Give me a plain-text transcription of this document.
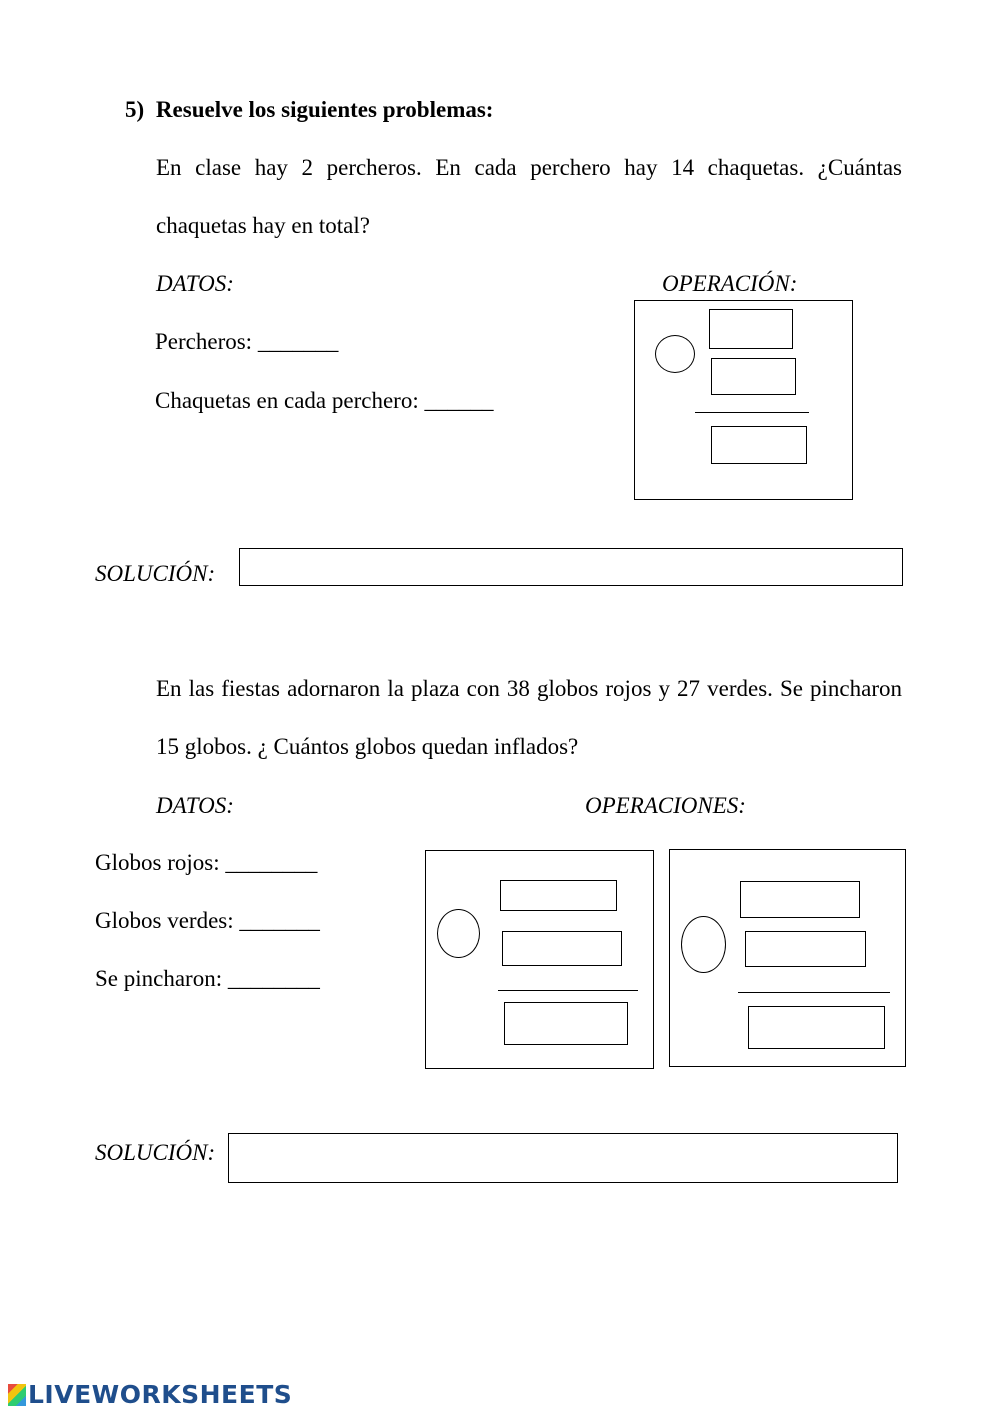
5) Resuelve los siguientes problemas:
En clase hay 2 percheros. En cada perchero hay 14 chaquetas. ¿Cuántas chaquetas hay en total?
DATOS:	OPERACIÓN:
Percheros: _______
Chaquetas en cada perchero: ______
SOLUCIÓN:
En las fiestas adornaron la plaza con 38 globos rojos y 27 verdes. Se pincharon 15 globos. ¿ Cuántos globos quedan inflados?
DATOS:	OPERACIONES:
Globos rojos: ________
Globos verdes: _______
Se pincharon: ________
SOLUCIÓN:
LIVEWORKSHEETS
